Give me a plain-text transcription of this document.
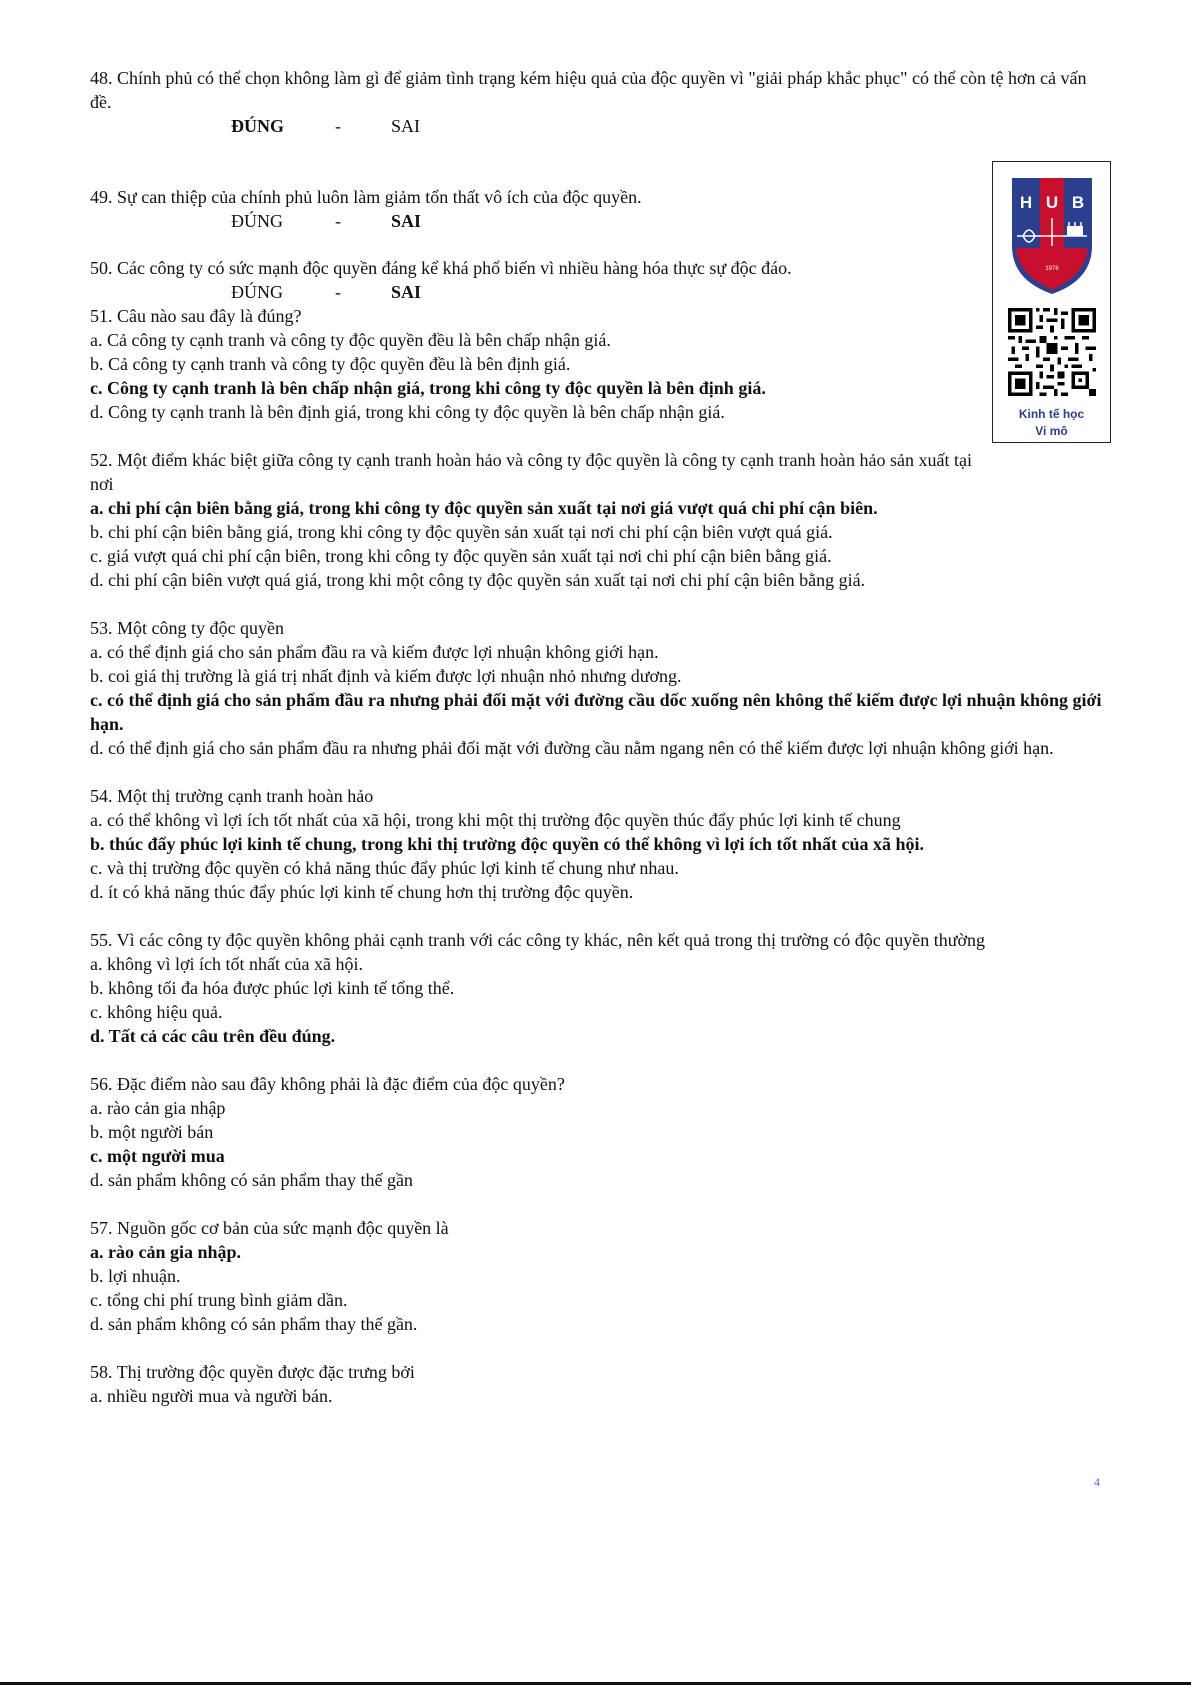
48. Chính phủ có thể chọn không làm gì để giảm tình trạng kém hiệu quả của độc quyền vì "giải pháp khắc phục" có thể còn tệ hơn cả vấn đề.

ĐÚNG	-	SAI

49. Sự can thiệp của chính phủ luôn làm giảm tổn thất vô ích của độc quyền.

ĐÚNG	-	SAI

50. Các công ty có sức mạnh độc quyền đáng kể khá phổ biến vì nhiều hàng hóa thực sự độc đáo.

ĐÚNG	-	SAI

51. Câu nào sau đây là đúng?

a. Cả công ty cạnh tranh và công ty độc quyền đều là bên chấp nhận giá.

b. Cả công ty cạnh tranh và công ty độc quyền đều là bên định giá.

c. Công ty cạnh tranh là bên chấp nhận giá, trong khi công ty độc quyền là bên định giá.

d. Công ty cạnh tranh là bên định giá, trong khi công ty độc quyền là bên chấp nhận giá.

52. Một điểm khác biệt giữa công ty cạnh tranh hoàn hảo và công ty độc quyền là công ty cạnh tranh hoàn hảo sản xuất tại nơi

a. chi phí cận biên bằng giá, trong khi công ty độc quyền sản xuất tại nơi giá vượt quá chi phí cận biên.

b. chi phí cận biên bằng giá, trong khi công ty độc quyền sản xuất tại nơi chi phí cận biên vượt quá giá.

c. giá vượt quá chi phí cận biên, trong khi công ty độc quyền sản xuất tại nơi chi phí cận biên bằng giá.

d. chi phí cận biên vượt quá giá, trong khi một công ty độc quyền sản xuất tại nơi chi phí cận biên bằng giá.

53. Một công ty độc quyền

a. có thể định giá cho sản phẩm đầu ra và kiếm được lợi nhuận không giới hạn.

b. coi giá thị trường là giá trị nhất định và kiếm được lợi nhuận nhỏ nhưng dương.

c. có thể định giá cho sản phẩm đầu ra nhưng phải đối mặt với đường cầu dốc xuống nên không thể kiếm được lợi nhuận không giới hạn.

d. có thể định giá cho sản phẩm đầu ra nhưng phải đối mặt với đường cầu nằm ngang nên có thể kiếm được lợi nhuận không giới hạn.

54. Một thị trường cạnh tranh hoàn hảo

a. có thể không vì lợi ích tốt nhất của xã hội, trong khi một thị trường độc quyền thúc đẩy phúc lợi kinh tế chung

b. thúc đẩy phúc lợi kinh tế chung, trong khi thị trường độc quyền có thể không vì lợi ích tốt nhất của xã hội.

c. và thị trường độc quyền có khả năng thúc đẩy phúc lợi kinh tế chung như nhau.

d. ít có khả năng thúc đẩy phúc lợi kinh tế chung hơn thị trường độc quyền.

55. Vì các công ty độc quyền không phải cạnh tranh với các công ty khác, nên kết quả trong thị trường có độc quyền thường

a. không vì lợi ích tốt nhất của xã hội.

b. không tối đa hóa được phúc lợi kinh tế tổng thể.

c. không hiệu quả.

d. Tất cả các câu trên đều đúng.

56. Đặc điểm nào sau đây không phải là đặc điểm của độc quyền?

a. rào cản gia nhập

b. một người bán

c. một người mua

d. sản phẩm không có sản phẩm thay thế gần

57. Nguồn gốc cơ bản của sức mạnh độc quyền là

a. rào cản gia nhập.

b. lợi nhuận.

c. tổng chi phí trung bình giảm dần.

d. sản phẩm không có sản phẩm thay thế gần.

58. Thị trường độc quyền được đặc trưng bởi

a. nhiều người mua và người bán.

H U B
1976
Kinh tế học
Vi mô
4
